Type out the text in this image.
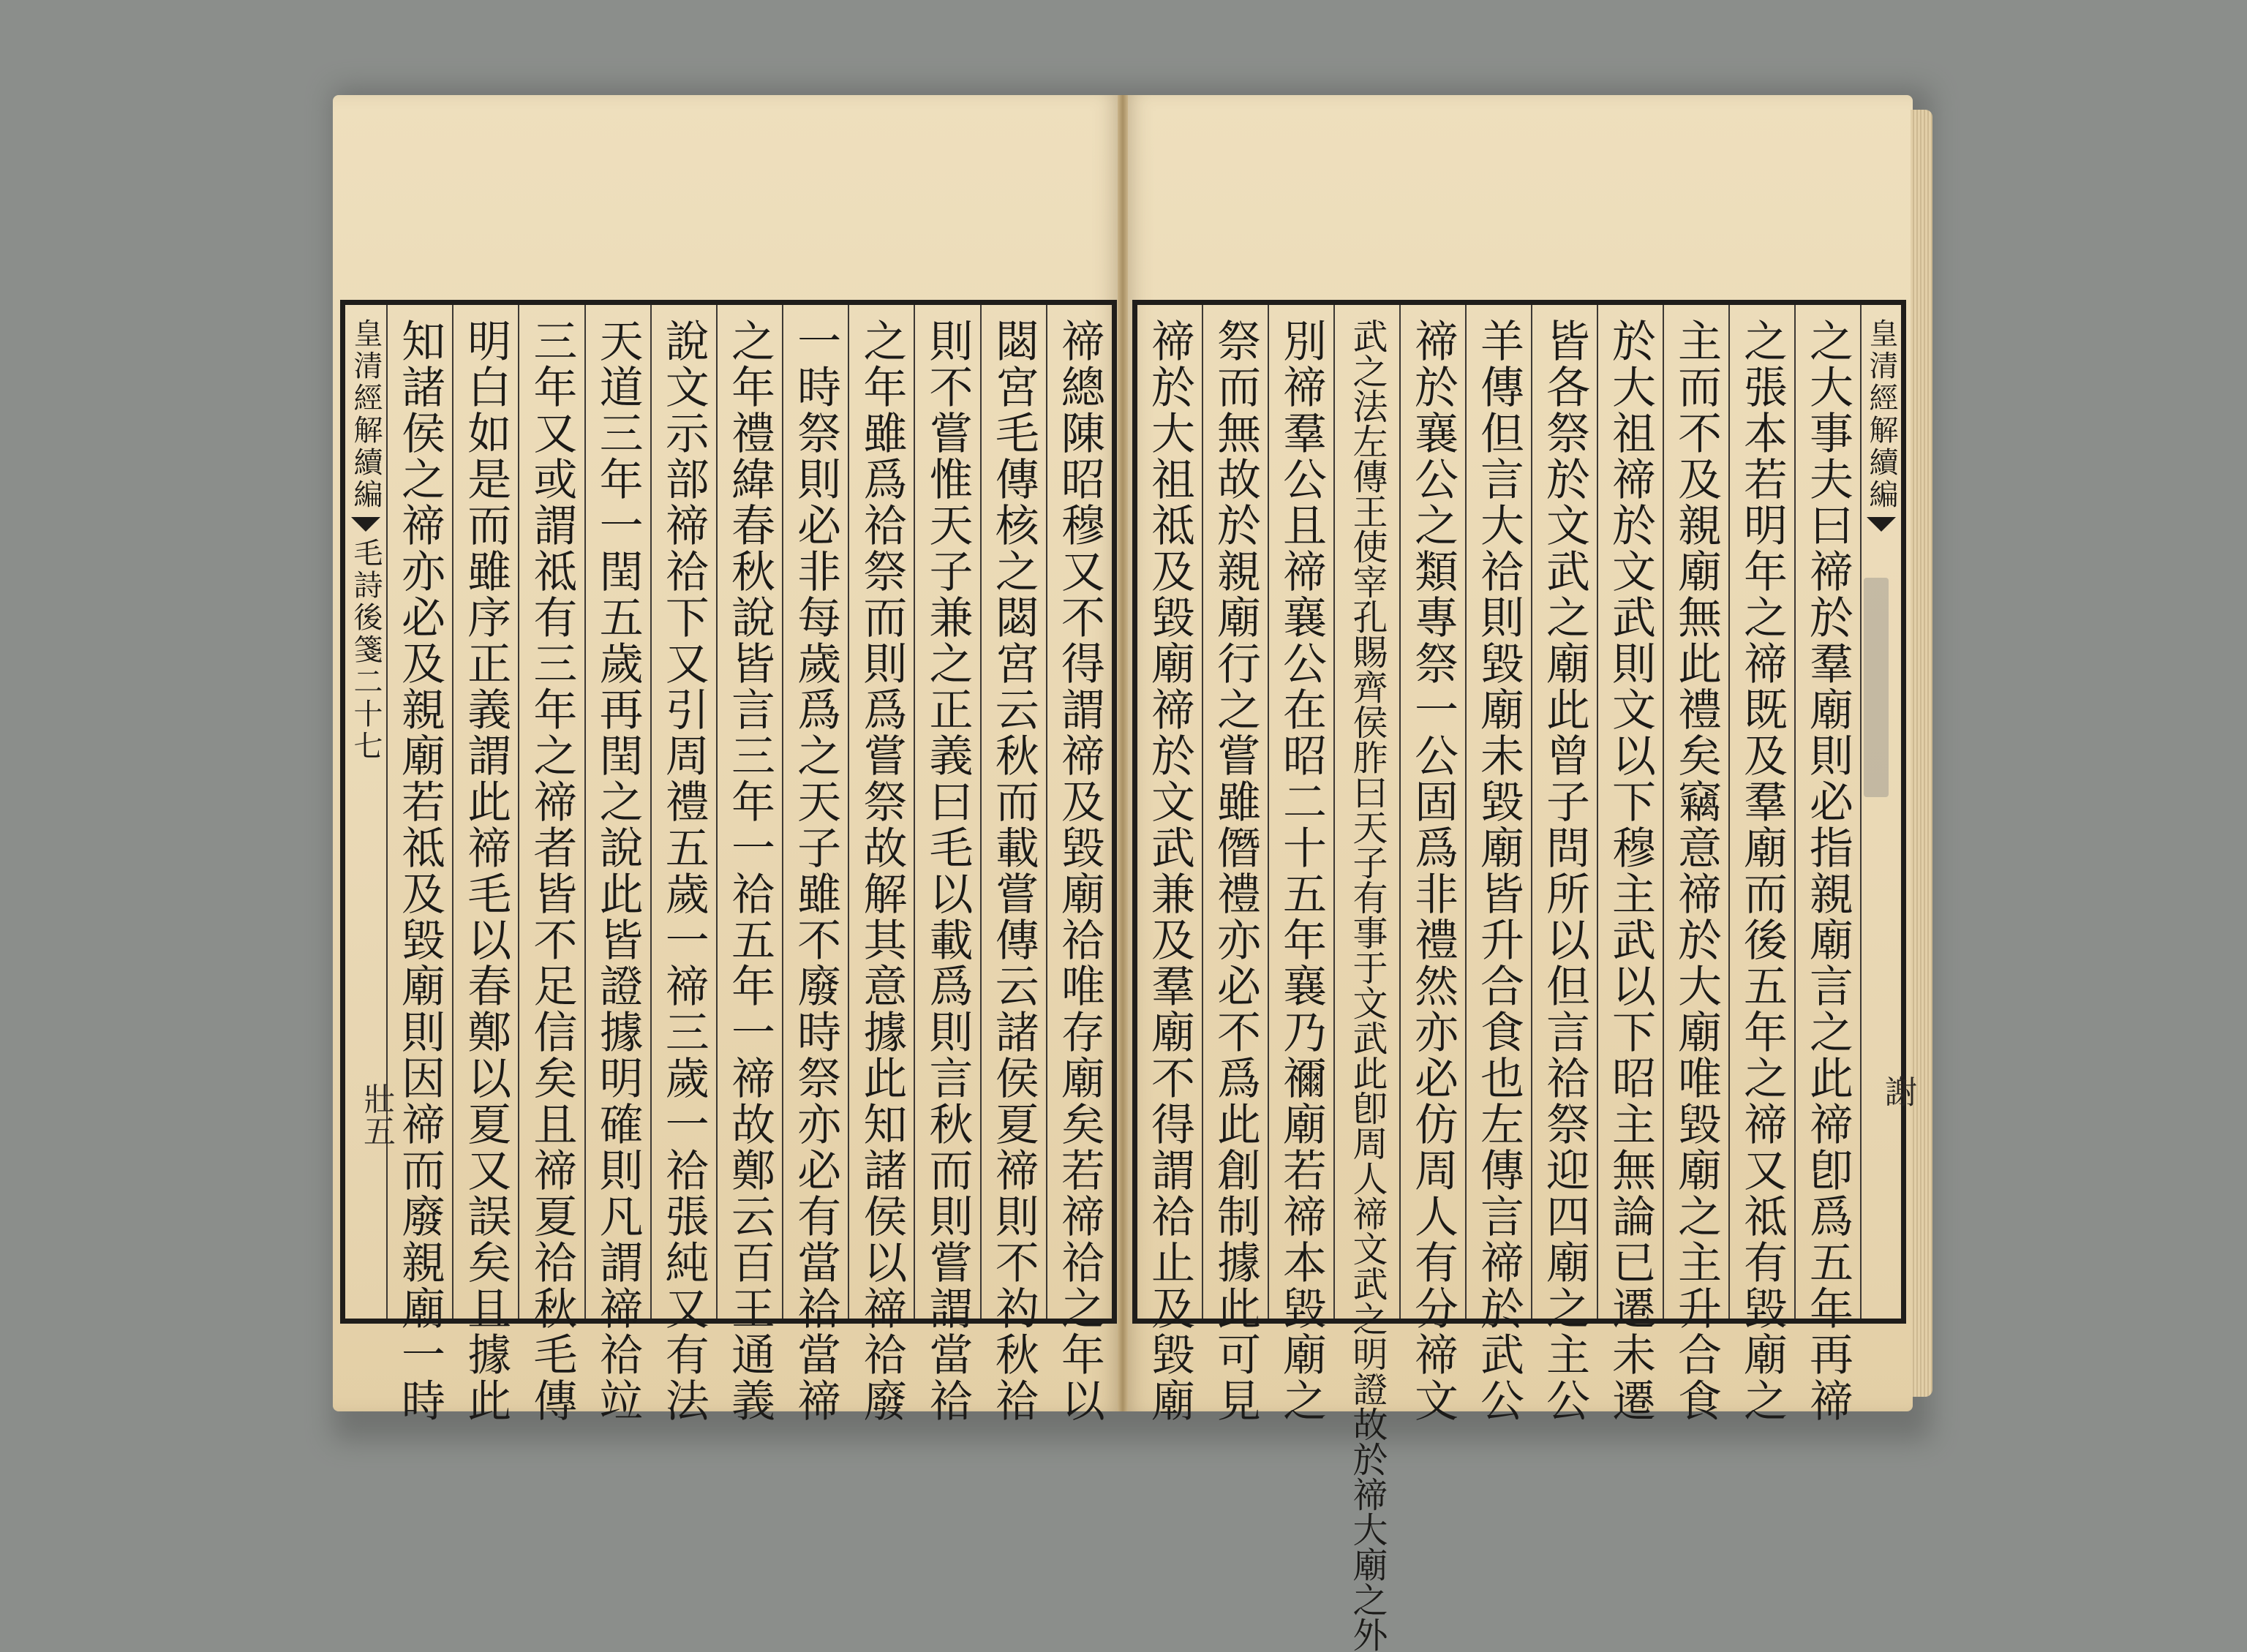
禘總陳昭穆又不得謂禘及毀廟祫唯存廟矣若禘祫之年以
閟宮毛傳核之閟宮云秋而載嘗傳云諸侯夏禘則不礿秋祫
則不嘗惟天子兼之正義曰毛以載爲則言秋而則嘗謂當祫
之年雖爲祫祭而則爲嘗祭故解其意據此知諸侯以禘祫廢
一時祭則必非每歲爲之天子雖不廢時祭亦必有當祫當禘
之年禮緯春秋說皆言三年一祫五年一禘故鄭云百王通義
說文示部禘祫下又引周禮五歲一禘三歲一祫張純又有法
天道三年一閏五歲再閏之說此皆證據明確則凡謂禘祫竝
三年又或謂祗有三年之禘者皆不足信矣且禘夏祫秋毛傳
明白如是而雖序正義謂此禘毛以春鄭以夏又誤矣且據此
知諸侯之禘亦必及親廟若祗及毀廟則因禘而廢親廟一時
皇清經解續編
毛詩後箋二十七
壯五
皇清經解續編
之大事夫曰禘於羣廟則必指親廟言之此禘卽爲五年再禘
之張本若明年之禘既及羣廟而後五年之禘又祗有毀廟之
主而不及親廟無此禮矣竊意禘於大廟唯毀廟之主升合食
於大祖禘於文武則文以下穆主武以下昭主無論已遷未遷
皆各祭於文武之廟此曾子問所以但言祫祭迎四廟之主公
羊傳但言大祫則毀廟未毀廟皆升合食也左傳言禘於武公
禘於襄公之類專祭一公固爲非禮然亦必仿周人有分禘文
武之法左傳王使宰孔賜齊侯胙曰天子有事于文武此卽周人禘文武之明證故於禘大廟之外
別禘羣公且禘襄公在昭二十五年襄乃禰廟若禘本毀廟之
祭而無故於親廟行之嘗雖僭禮亦必不爲此創制據此可見
禘於大祖祗及毀廟禘於文武兼及羣廟不得謂祫止及毀廟	謝
